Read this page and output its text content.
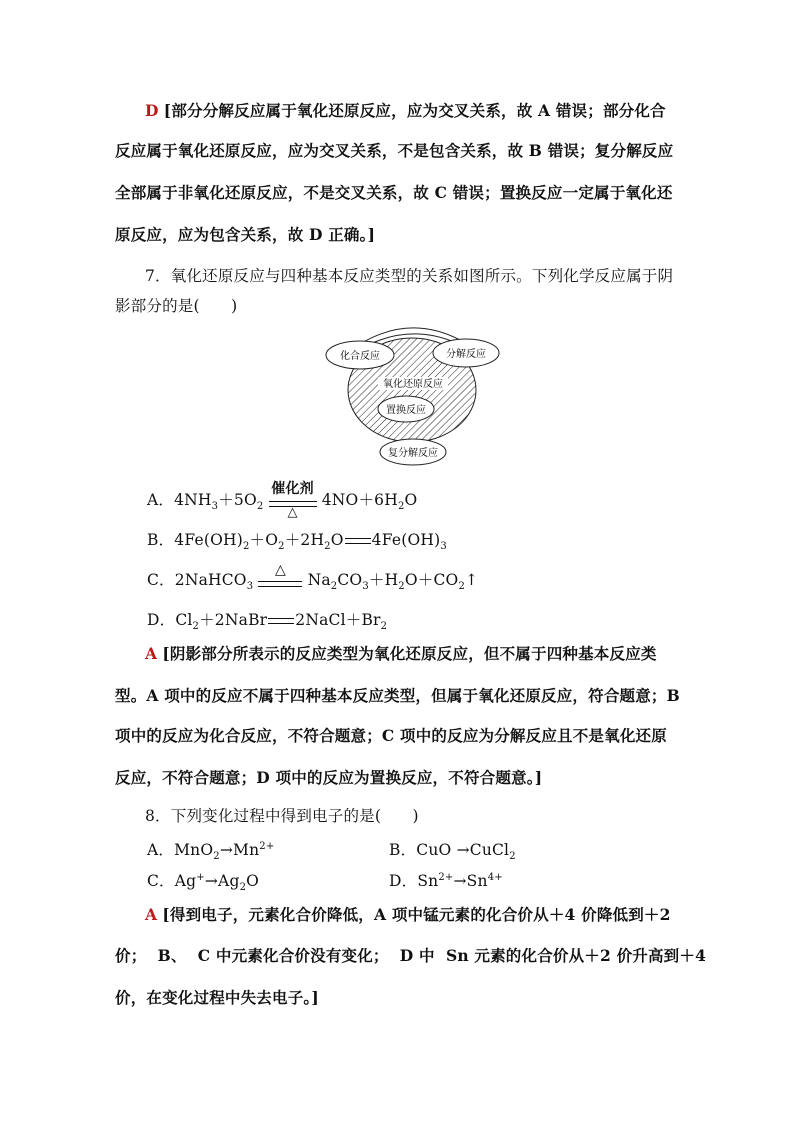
D [部分分解反应属于氧化还原反应，应为交叉关系，故 A 错误；部分化合
反应属于氧化还原反应，应为交叉关系，不是包含关系，故 B 错误；复分解反应
全部属于非氧化还原反应，不是交叉关系，故 C 错误；置换反应一定属于氧化还
原反应，应为包含关系，故 D 正确。]
7．氧化还原反应与四种基本反应类型的关系如图所示。下列化学反应属于阴
影部分的是(　　)
化合反应	分解反应
氧化还原反应
置换反应
复分解反应
A．$4NH_3+5O_2$
催化剂
△
$4NO+6H_2O$
B．$4Fe(OH)_2+O_2+2H_2O$ $4Fe(OH)_3$
C．2NaHCO$_3$
△
$Na_2CO_3+H_2O+CO_2↑$
D．$Cl_2+2NaBr$ $2NaCl+Br_2$
A [阴影部分所表示的反应类型为氧化还原反应，但不属于四种基本反应类
型。A 项中的反应不属于四种基本反应类型，但属于氧化还原反应，符合题意；B
项中的反应为化合反应，不符合题意；C 项中的反应为分解反应且不是氧化还原
反应，不符合题意；D 项中的反应为置换反应，不符合题意。]
8．下列变化过程中得到电子的是(　　)
A．$MnO_2\to Mn^{2+}$	B．CuO →CuCl$_2$
C．$Ag^+\to Ag_2O$	D．$Sn^{2+}\to Sn^{4+}$
A [得到电子，元素化合价降低，A 项中锰元素的化合价从＋4 价降低到＋2
价；  B、  C 中元素化合价没有变化；  D 中  Sn 元素的化合价从＋2 价升高到＋4
价，在变化过程中失去电子。]
